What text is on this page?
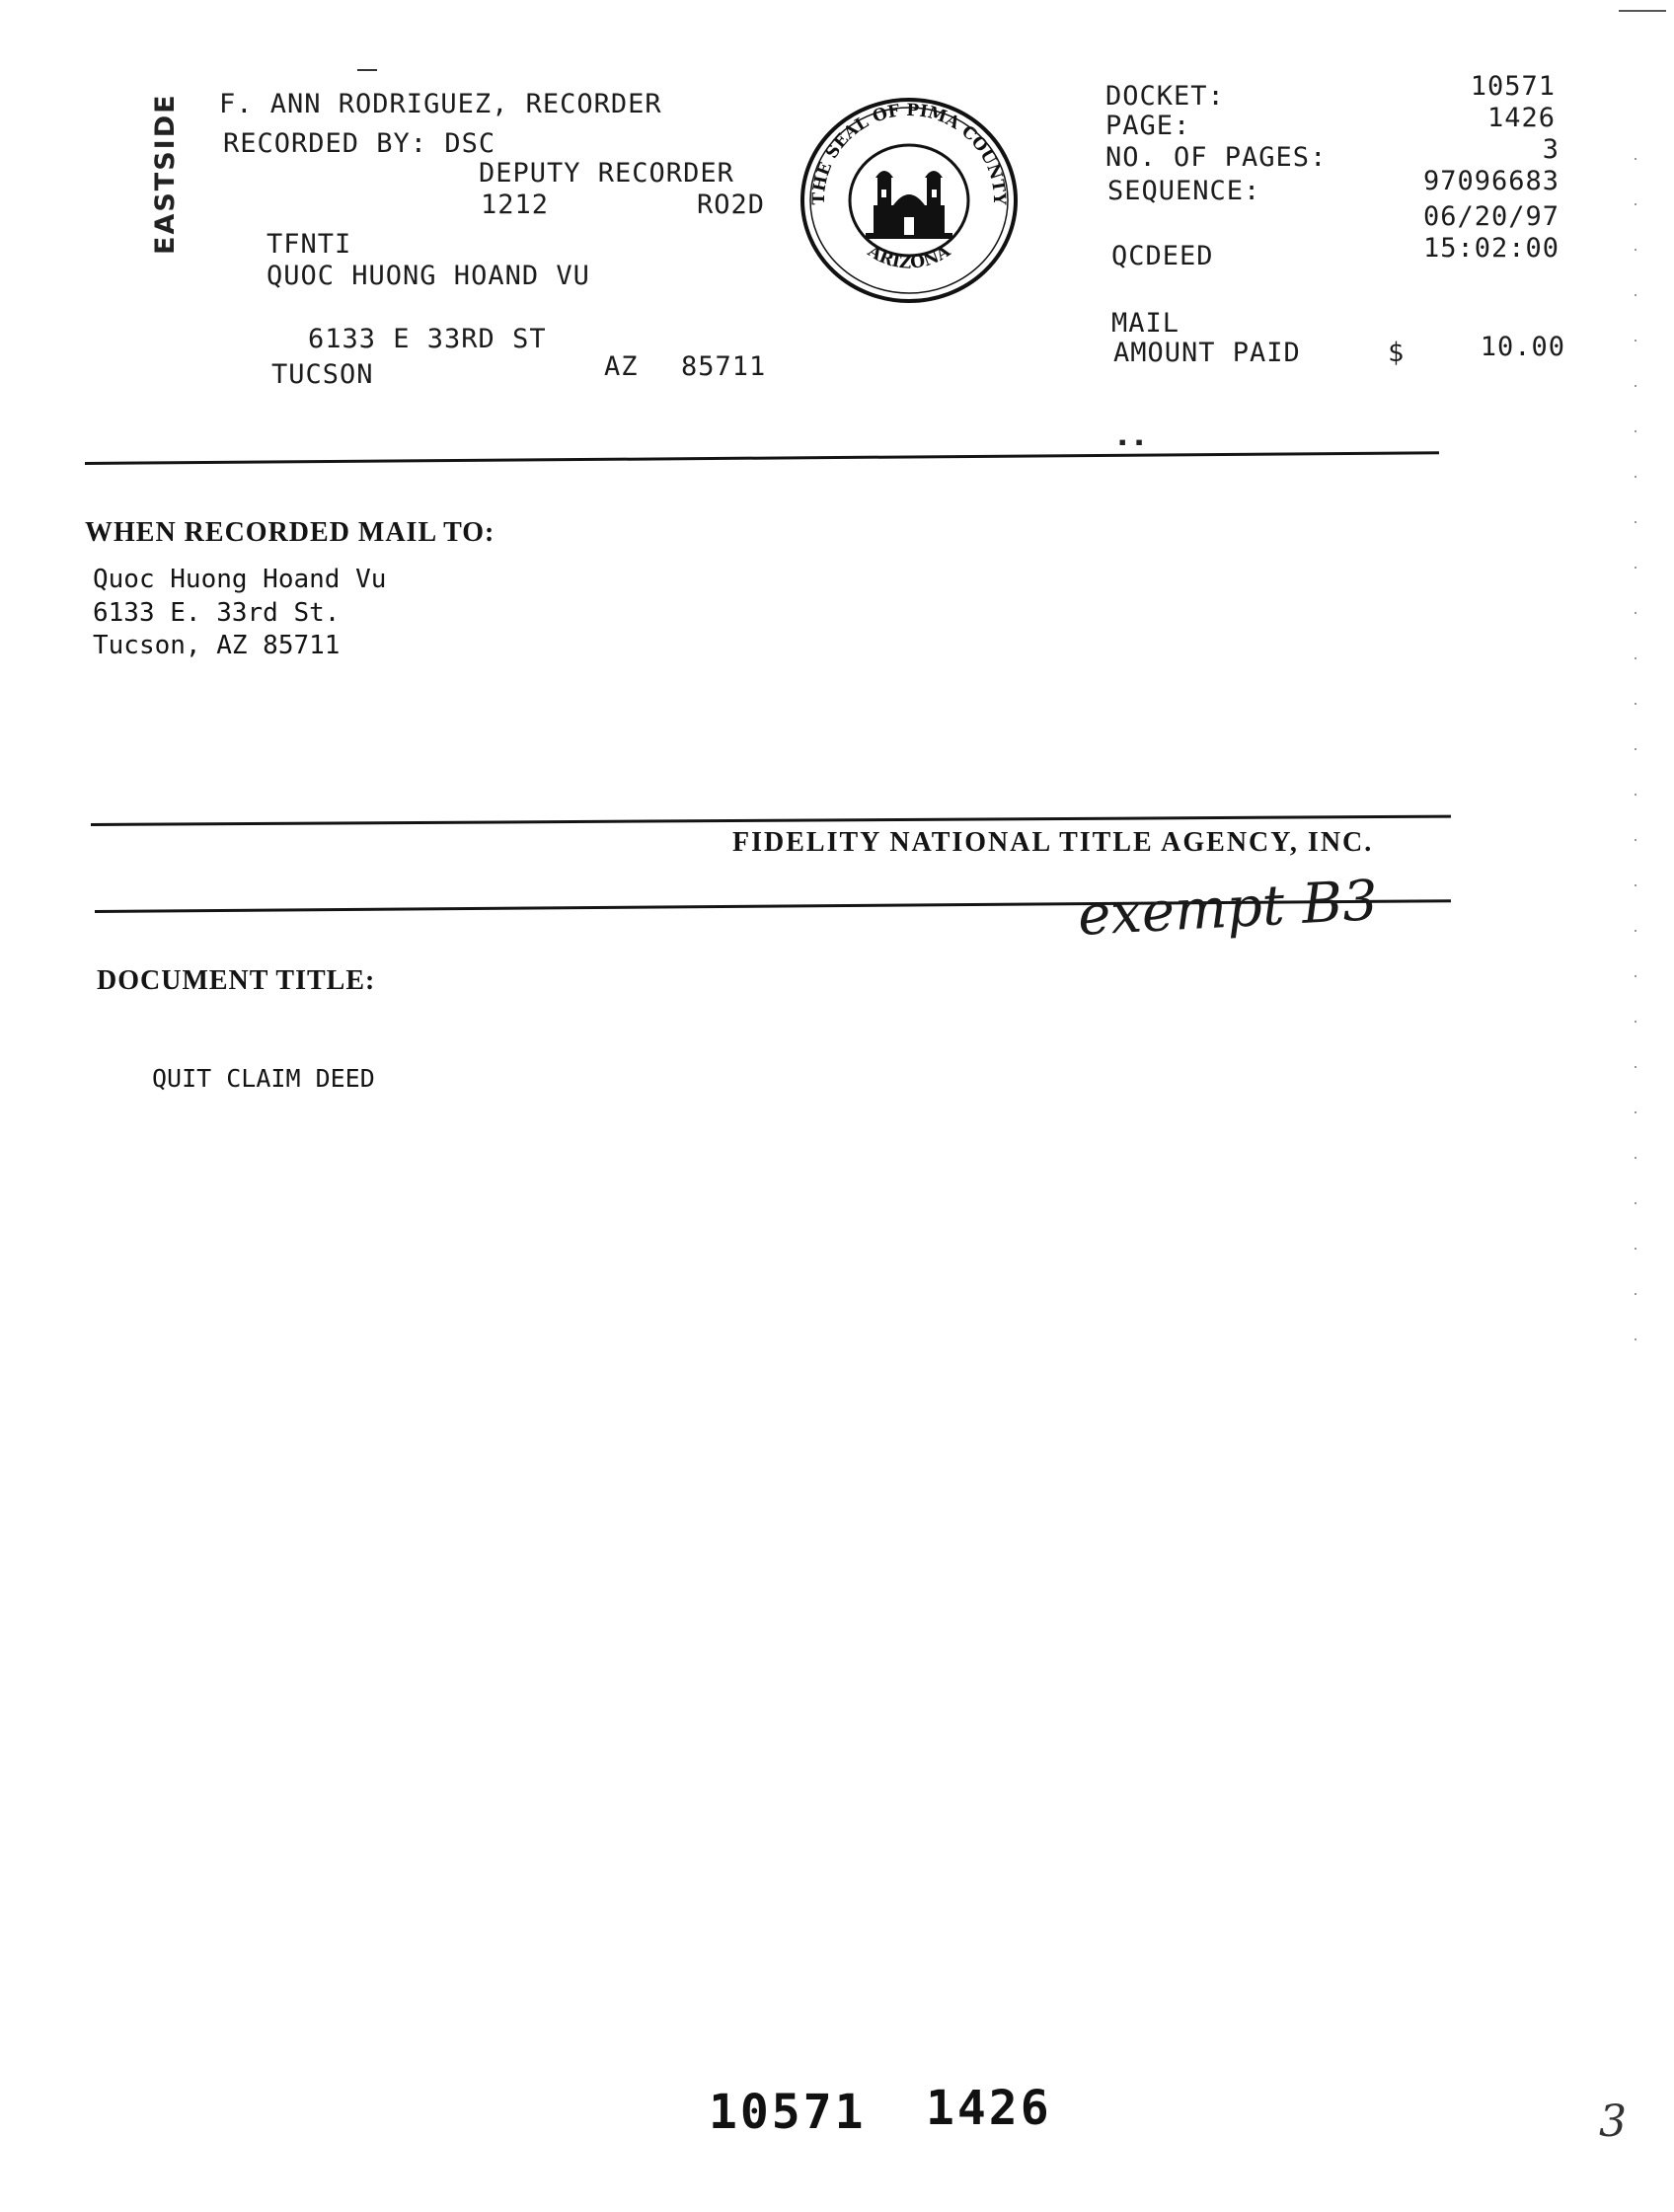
F. ANN RODRIGUEZ, RECORDER
RECORDED BY: DSC
DEPUTY RECORDER
1212	RO2D
TFNTI
QUOC HUONG HOAND VU
6133 E 33RD ST
TUCSON	AZ 85711
EASTSIDE

	THE SEAL OF PIMA COUNTY
ARIZONA

DOCKET:	10571
PAGE:	1426
NO. OF PAGES:	3
SEQUENCE:	97096683
06/20/97
QCDEED	15:02:00
MAIL
AMOUNT PAID	$	10.00
▪ ▪
WHEN RECORDED MAIL TO:
Quoc Huong Hoand Vu
6133 E. 33rd St.
Tucson, AZ 85711
FIDELITY NATIONAL TITLE AGENCY, INC.
exempt B3
DOCUMENT TITLE:
QUIT CLAIM DEED
10571 1426	3
